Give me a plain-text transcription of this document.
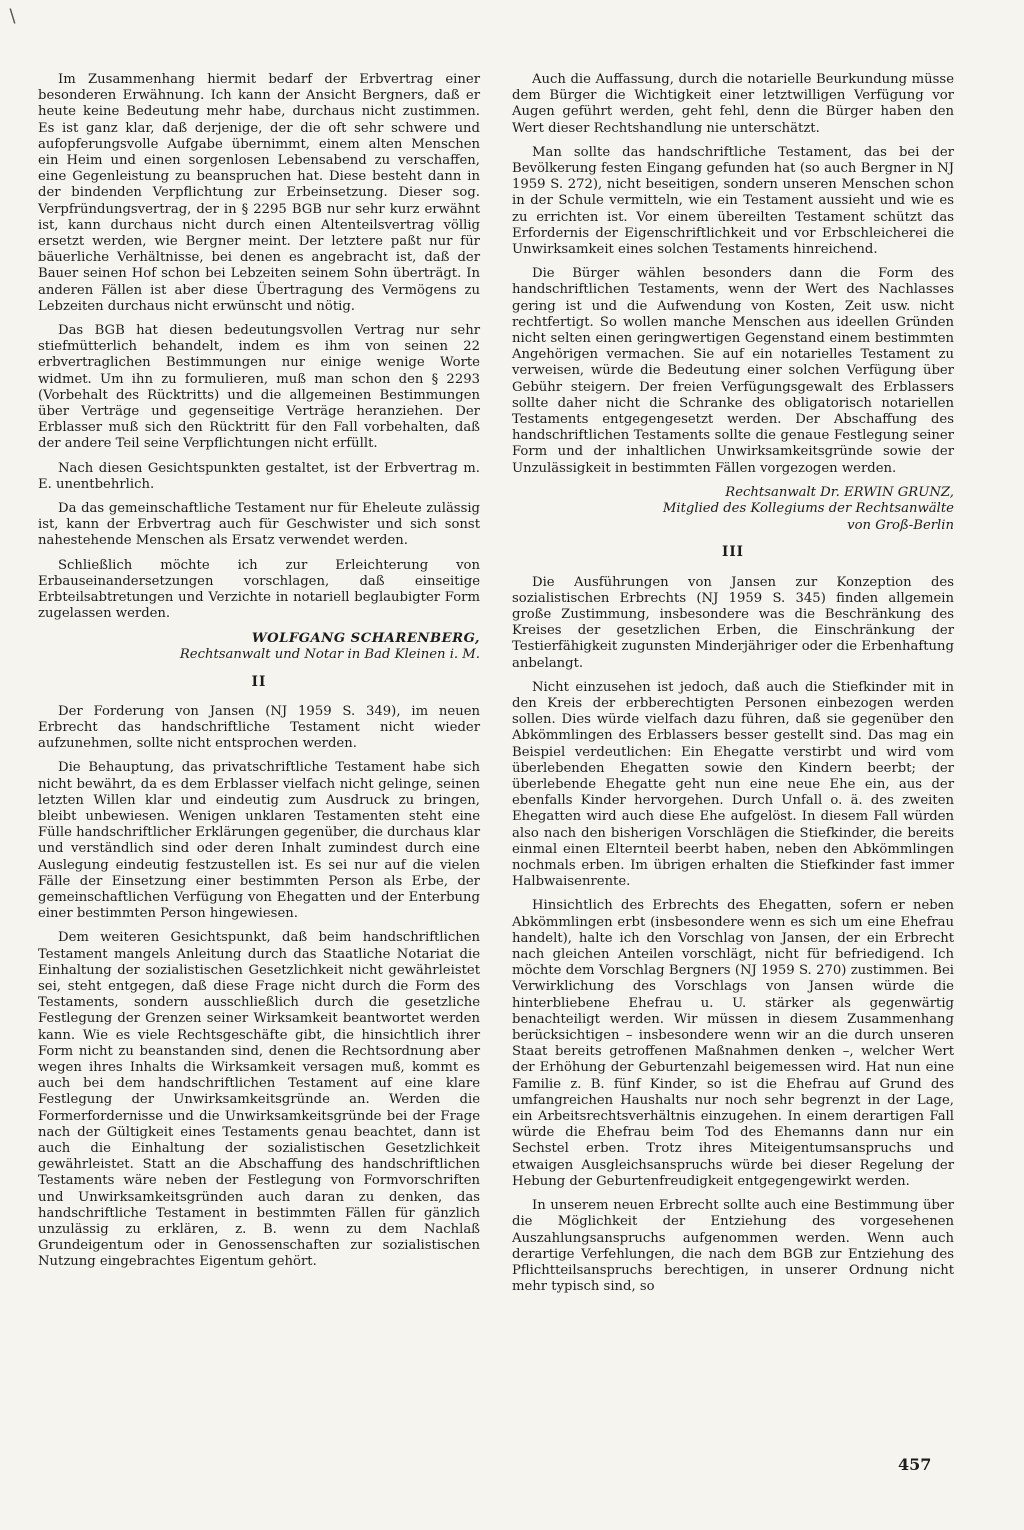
∖

Im Zusammenhang hiermit bedarf der Erbvertrag einer besonderen Erwähnung. Ich kann der Ansicht Bergners, daß er heute keine Bedeutung mehr habe, durchaus nicht zustimmen. Es ist ganz klar, daß derjenige, der die oft sehr schwere und aufopferungsvolle Aufgabe übernimmt, einem alten Menschen ein Heim und einen sorgenlosen Lebensabend zu verschaffen, eine Gegenleistung zu beanspruchen hat. Diese besteht dann in der bindenden Verpflichtung zur Erbeinsetzung. Dieser sog. Verpfründungsvertrag, der in § 2295 BGB nur sehr kurz erwähnt ist, kann durchaus nicht durch einen Altenteilsvertrag völlig ersetzt werden, wie Bergner meint. Der letztere paßt nur für bäuerliche Verhältnisse, bei denen es angebracht ist, daß der Bauer seinen Hof schon bei Lebzeiten seinem Sohn überträgt. In anderen Fällen ist aber diese Übertragung des Vermögens zu Lebzeiten durchaus nicht erwünscht und nötig.

Das BGB hat diesen bedeutungsvollen Vertrag nur sehr stiefmütterlich behandelt, indem es ihm von seinen 22 erbvertraglichen Bestimmungen nur einige wenige Worte widmet. Um ihn zu formulieren, muß man schon den § 2293 (Vorbehalt des Rücktritts) und die allgemeinen Bestimmungen über Verträge und gegenseitige Verträge heranziehen. Der Erblasser muß sich den Rücktritt für den Fall vorbehalten, daß der andere Teil seine Verpflichtungen nicht erfüllt.

Nach diesen Gesichtspunkten gestaltet, ist der Erbvertrag m. E. unentbehrlich.

Da das gemeinschaftliche Testament nur für Eheleute zulässig ist, kann der Erbvertrag auch für Geschwister und sich sonst nahestehende Menschen als Ersatz verwendet werden.

Schließlich möchte ich zur Erleichterung von Erbauseinandersetzungen vorschlagen, daß einseitige Erbteilsabtretungen und Verzichte in notariell beglaubigter Form zugelassen werden.

WOLFGANG SCHARENBERG,
Rechtsanwalt und Notar in Bad Kleinen i. M.
II

Der Forderung von Jansen (NJ 1959 S. 349), im neuen Erbrecht das handschriftliche Testament nicht wieder aufzunehmen, sollte nicht entsprochen werden.

Die Behauptung, das privatschriftliche Testament habe sich nicht bewährt, da es dem Erblasser vielfach nicht gelinge, seinen letzten Willen klar und eindeutig zum Ausdruck zu bringen, bleibt unbewiesen. Wenigen unklaren Testamenten steht eine Fülle handschriftlicher Erklärungen gegenüber, die durchaus klar und verständlich sind oder deren Inhalt zumindest durch eine Auslegung eindeutig festzustellen ist. Es sei nur auf die vielen Fälle der Einsetzung einer bestimmten Person als Erbe, der gemeinschaftlichen Verfügung von Ehegatten und der Enterbung einer bestimmten Person hingewiesen.

Dem weiteren Gesichtspunkt, daß beim handschriftlichen Testament mangels Anleitung durch das Staatliche Notariat die Einhaltung der sozialistischen Gesetzlichkeit nicht gewährleistet sei, steht entgegen, daß diese Frage nicht durch die Form des Testaments, sondern ausschließlich durch die gesetzliche Festlegung der Grenzen seiner Wirksamkeit beantwortet werden kann. Wie es viele Rechtsgeschäfte gibt, die hinsichtlich ihrer Form nicht zu beanstanden sind, denen die Rechtsordnung aber wegen ihres Inhalts die Wirksamkeit versagen muß, kommt es auch bei dem handschriftlichen Testament auf eine klare Festlegung der Unwirksamkeitsgründe an. Werden die Formerfordernisse und die Unwirksamkeitsgründe bei der Frage nach der Gültigkeit eines Testaments genau beachtet, dann ist auch die Einhaltung der sozialistischen Gesetzlichkeit gewährleistet. Statt an die Abschaffung des handschriftlichen Testaments wäre neben der Festlegung von Formvorschriften und Unwirksamkeitsgründen auch daran zu denken, das handschriftliche Testament in bestimmten Fällen für gänzlich unzulässig zu erklären, z. B. wenn zu dem Nachlaß Grundeigentum oder in Genossenschaften zur sozialistischen Nutzung eingebrachtes Eigentum gehört.

Auch die Auffassung, durch die notarielle Beurkundung müsse dem Bürger die Wichtigkeit einer letztwilligen Verfügung vor Augen geführt werden, geht fehl, denn die Bürger haben den Wert dieser Rechtshandlung nie unterschätzt.

Man sollte das handschriftliche Testament, das bei der Bevölkerung festen Eingang gefunden hat (so auch Bergner in NJ 1959 S. 272), nicht beseitigen, sondern unseren Menschen schon in der Schule vermitteln, wie ein Testament aussieht und wie es zu errichten ist. Vor einem übereilten Testament schützt das Erfordernis der Eigenschriftlichkeit und vor Erbschleicherei die Unwirksamkeit eines solchen Testaments hinreichend.

Die Bürger wählen besonders dann die Form des handschriftlichen Testaments, wenn der Wert des Nachlasses gering ist und die Aufwendung von Kosten, Zeit usw. nicht rechtfertigt. So wollen manche Menschen aus ideellen Gründen nicht selten einen geringwertigen Gegenstand einem bestimmten Angehörigen vermachen. Sie auf ein notarielles Testament zu verweisen, würde die Bedeutung einer solchen Verfügung über Gebühr steigern. Der freien Verfügungsgewalt des Erblassers sollte daher nicht die Schranke des obligatorisch notariellen Testaments entgegengesetzt werden. Der Abschaffung des handschriftlichen Testaments sollte die genaue Festlegung seiner Form und der inhaltlichen Unwirksamkeitsgründe sowie der Unzulässigkeit in bestimmten Fällen vorgezogen werden.

Rechtsanwalt Dr. ERWIN GRUNZ,
Mitglied des Kollegiums der Rechtsanwälte
von Groß-Berlin
III

Die Ausführungen von Jansen zur Konzeption des sozialistischen Erbrechts (NJ 1959 S. 345) finden allgemein große Zustimmung, insbesondere was die Beschränkung des Kreises der gesetzlichen Erben, die Einschränkung der Testierfähigkeit zugunsten Minderjähriger oder die Erbenhaftung anbelangt.

Nicht einzusehen ist jedoch, daß auch die Stiefkinder mit in den Kreis der erbberechtigten Personen einbezogen werden sollen. Dies würde vielfach dazu führen, daß sie gegenüber den Abkömmlingen des Erblassers besser gestellt sind. Das mag ein Beispiel verdeutlichen: Ein Ehegatte verstirbt und wird vom überlebenden Ehegatten sowie den Kindern beerbt; der überlebende Ehegatte geht nun eine neue Ehe ein, aus der ebenfalls Kinder hervorgehen. Durch Unfall o. ä. des zweiten Ehegatten wird auch diese Ehe aufgelöst. In diesem Fall würden also nach den bisherigen Vorschlägen die Stiefkinder, die bereits einmal einen Elternteil beerbt haben, neben den Abkömmlingen nochmals erben. Im übrigen erhalten die Stiefkinder fast immer Halbwaisenrente.

Hinsichtlich des Erbrechts des Ehegatten, sofern er neben Abkömmlingen erbt (insbesondere wenn es sich um eine Ehefrau handelt), halte ich den Vorschlag von Jansen, der ein Erbrecht nach gleichen Anteilen vorschlägt, nicht für befriedigend. Ich möchte dem Vorschlag Bergners (NJ 1959 S. 270) zustimmen. Bei Verwirklichung des Vorschlags von Jansen würde die hinterbliebene Ehefrau u. U. stärker als gegenwärtig benachteiligt werden. Wir müssen in diesem Zusammenhang berücksichtigen – insbesondere wenn wir an die durch unseren Staat bereits getroffenen Maßnahmen denken –, welcher Wert der Erhöhung der Geburtenzahl beigemessen wird. Hat nun eine Familie z. B. fünf Kinder, so ist die Ehefrau auf Grund des umfangreichen Haushalts nur noch sehr begrenzt in der Lage, ein Arbeitsrechtsverhältnis einzugehen. In einem derartigen Fall würde die Ehefrau beim Tod des Ehemanns dann nur ein Sechstel erben. Trotz ihres Miteigentumsanspruchs und etwaigen Ausgleichsanspruchs würde bei dieser Regelung der Hebung der Geburtenfreudigkeit entgegengewirkt werden.

In unserem neuen Erbrecht sollte auch eine Bestimmung über die Möglichkeit der Entziehung des vorgesehenen Auszahlungsanspruchs aufgenommen werden. Wenn auch derartige Verfehlungen, die nach dem BGB zur Entziehung des Pflichtteilsanspruchs berechtigen, in unserer Ordnung nicht mehr typisch sind, so

457
